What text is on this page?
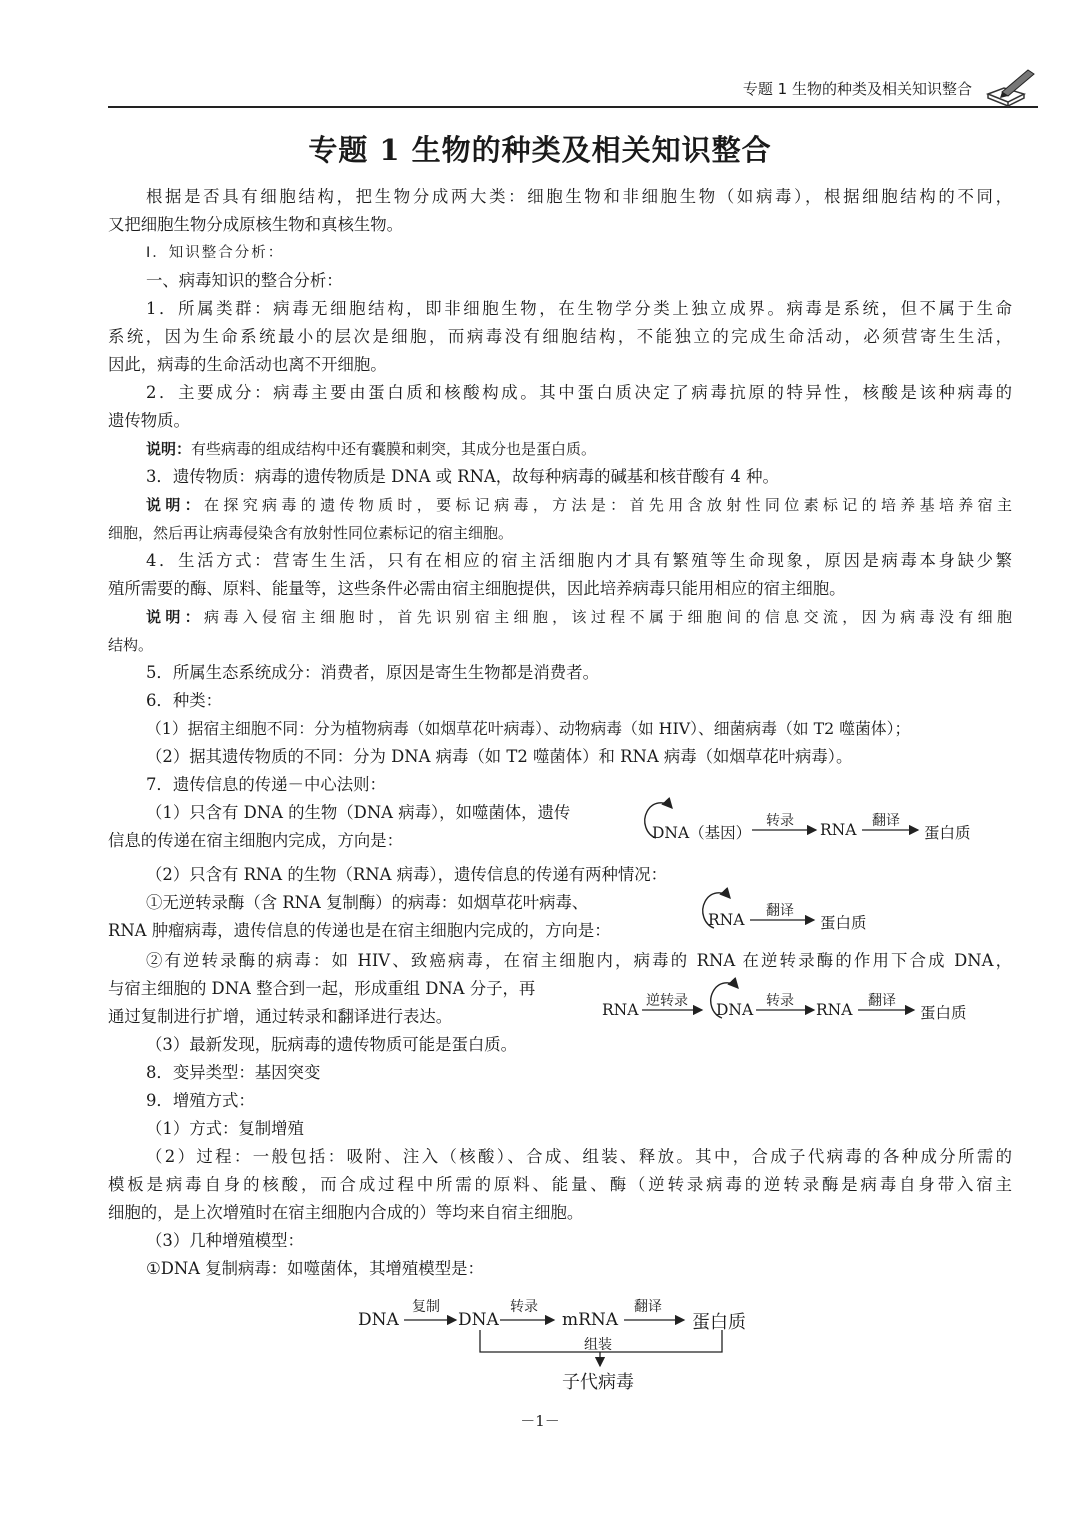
专题 1 生物的种类及相关知识整合
专题 1 生物的种类及相关知识整合
根据是否具有细胞结构，把生物分成两大类：细胞生物和非细胞生物（如病毒），根据细胞结构的不同，
又把细胞生物分成原核生物和真核生物。
Ⅰ．知识整合分析：
一、病毒知识的整合分析：
1．所属类群：病毒无细胞结构，即非细胞生物，在生物学分类上独立成界。病毒是系统，但不属于生命
系统，因为生命系统最小的层次是细胞，而病毒没有细胞结构，不能独立的完成生命活动，必须营寄生生活，
因此，病毒的生命活动也离不开细胞。
2．主要成分：病毒主要由蛋白质和核酸构成。其中蛋白质决定了病毒抗原的特异性，核酸是该种病毒的
遗传物质。
说明：有些病毒的组成结构中还有囊膜和刺突，其成分也是蛋白质。
3．遗传物质：病毒的遗传物质是 DNA 或 RNA，故每种病毒的碱基和核苷酸有 4 种。
说明：在探究病毒的遗传物质时，要标记病毒，方法是：首先用含放射性同位素标记的培养基培养宿主
细胞，然后再让病毒侵染含有放射性同位素标记的宿主细胞。
4．生活方式：营寄生生活，只有在相应的宿主活细胞内才具有繁殖等生命现象，原因是病毒本身缺少繁
殖所需要的酶、原料、能量等，这些条件必需由宿主细胞提供，因此培养病毒只能用相应的宿主细胞。
说明：病毒入侵宿主细胞时，首先识别宿主细胞，该过程不属于细胞间的信息交流，因为病毒没有细胞
结构。
5．所属生态系统成分：消费者，原因是寄生生物都是消费者。
6．种类：
（1）据宿主细胞不同：分为植物病毒（如烟草花叶病毒）、动物病毒（如 HIV）、细菌病毒（如 T2 噬菌体）；
（2）据其遗传物质的不同：分为 DNA 病毒（如 T2 噬菌体）和 RNA 病毒（如烟草花叶病毒）。
7．遗传信息的传递－中心法则：
（1）只含有 DNA 的生物（DNA 病毒），如噬菌体，遗传
信息的传递在宿主细胞内完成，方向是：	DNA（基因）
转录 RNA 翻译
蛋白质
（2）只含有 RNA 的生物（RNA 病毒），遗传信息的传递有两种情况：
①无逆转录酶（含 RNA 复制酶）的病毒：如烟草花叶病毒、
RNA 肿瘤病毒，遗传信息的传递也是在宿主细胞内完成的，方向是：
RNA 翻译
蛋白质
②有逆转录酶的病毒：如 HIV、致癌病毒，在宿主细胞内，病毒的 RNA 在逆转录酶的作用下合成 DNA，
与宿主细胞的 DNA 整合到一起，形成重组 DNA 分子，再
通过复制进行扩增，通过转录和翻译进行表达。	RNA 逆转录 DNA 转录 RNA 翻译
蛋白质
（3）最新发现，朊病毒的遗传物质可能是蛋白质。
8．变异类型：基因突变
9．增殖方式：
（1）方式：复制增殖
（2）过程：一般包括：吸附、注入（核酸）、合成、组装、释放。其中，合成子代病毒的各种成分所需的
模板是病毒自身的核酸，而合成过程中所需的原料、能量、酶（逆转录病毒的逆转录酶是病毒自身带入宿主
细胞的，是上次增殖时在宿主细胞内合成的）等均来自宿主细胞。
（3）几种增殖模型：
①DNA 复制病毒：如噬菌体，其增殖模型是：
DNA
复制
DNA
转录
mRNA
翻译
蛋白质
组装
子代病毒
－1－
